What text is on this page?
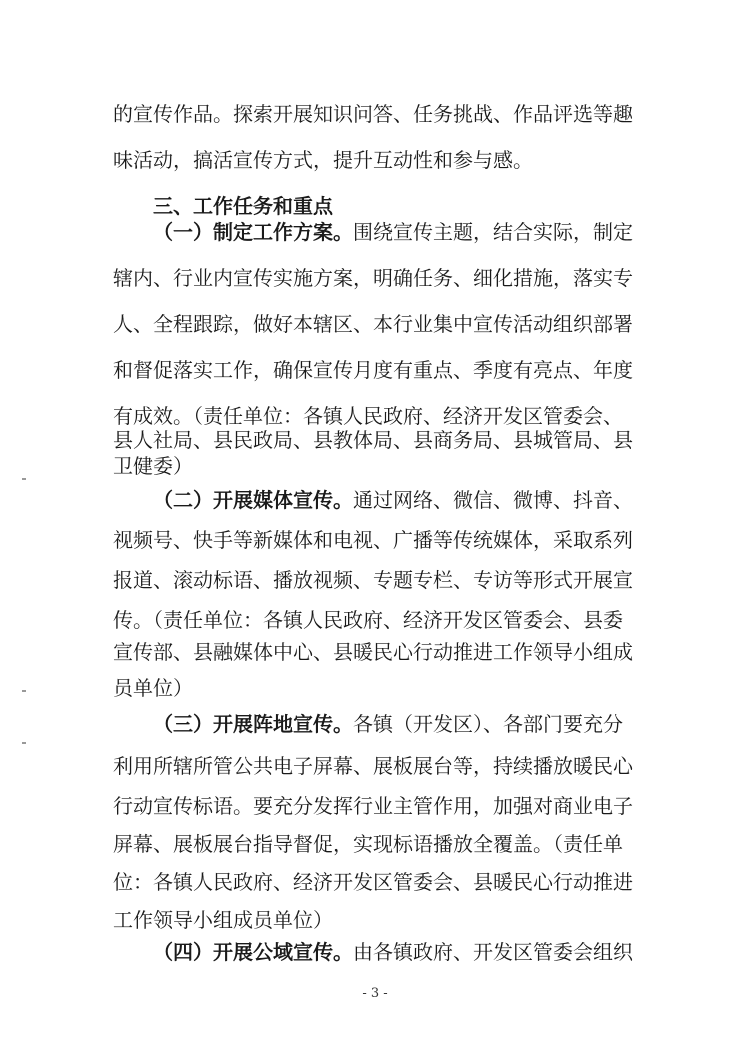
的宣传作品。探索开展知识问答、任务挑战、作品评选等趣
味活动，搞活宣传方式，提升互动性和参与感。
三、工作任务和重点
（一）制定工作方案。围绕宣传主题，结合实际，制定
辖内、行业内宣传实施方案，明确任务、细化措施，落实专
人、全程跟踪，做好本辖区、本行业集中宣传活动组织部署
和督促落实工作，确保宣传月度有重点、季度有亮点、年度
有成效。（责任单位：各镇人民政府、经济开发区管委会、
县人社局、县民政局、县教体局、县商务局、县城管局、县
卫健委）
（二）开展媒体宣传。通过网络、微信、微博、抖音、
视频号、快手等新媒体和电视、广播等传统媒体，采取系列
报道、滚动标语、播放视频、专题专栏、专访等形式开展宣
传。（责任单位：各镇人民政府、经济开发区管委会、县委
宣传部、县融媒体中心、县暖民心行动推进工作领导小组成
员单位）
（三）开展阵地宣传。各镇（开发区）、各部门要充分
利用所辖所管公共电子屏幕、展板展台等，持续播放暖民心
行动宣传标语。要充分发挥行业主管作用，加强对商业电子
屏幕、展板展台指导督促，实现标语播放全覆盖。（责任单
位：各镇人民政府、经济开发区管委会、县暖民心行动推进
工作领导小组成员单位）
（四）开展公域宣传。由各镇政府、开发区管委会组织
- 3 -
